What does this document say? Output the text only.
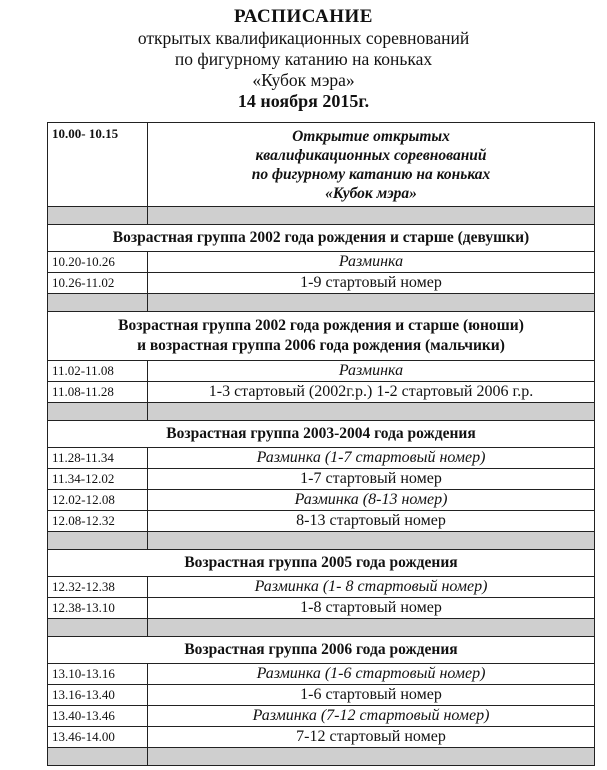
РАСПИСАНИЕ
открытых квалификационных соревнований
по фигурному катанию на коньках
«Кубок мэра»
14 ноября 2015г.
10.00- 10.15	Открытие открытых
квалификационных соревнований
по фигурному катанию на коньках
«Кубок мэра»

Возрастная группа 2002 года рождения и старше (девушки)	
10.20-10.26	Разминка
10.26-11.02	1-9 стартовый номер

Возрастная группа 2002 года рождения и старше (юноши)
и возрастная группа 2006 года рождения (мальчики)	

11.02-11.08	Разминка
11.08-11.28	1-3 стартовый (2002г.р.) 1-2 стартовый 2006 г.р.

Возрастная группа 2003-2004 года рождения	
11.28-11.34	Разминка (1-7 стартовый номер)
11.34-12.02	1-7 стартовый номер
12.02-12.08	Разминка (8-13 номер)
12.08-12.32	8-13 стартовый номер

Возрастная группа 2005 года рождения	
12.32-12.38	Разминка (1- 8 стартовый номер)
12.38-13.10	1-8 стартовый номер

Возрастная группа 2006 года рождения	
13.10-13.16	Разминка (1-6 стартовый номер)
13.16-13.40	1-6 стартовый номер
13.40-13.46	Разминка (7-12 стартовый номер)
13.46-14.00	7-12 стартовый номер
